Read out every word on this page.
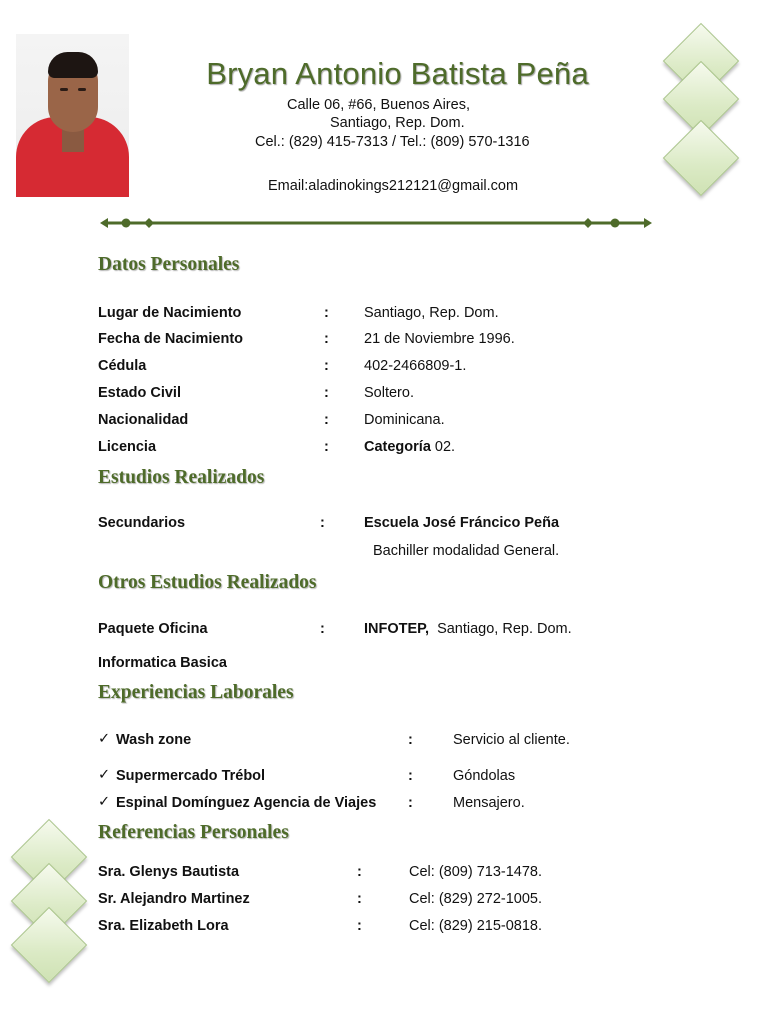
Bryan Antonio Batista Peña
Calle 06, #66, Buenos Aires,
Santiago, Rep. Dom.
Cel.: (829) 415-7313 / Tel.: (809) 570-1316
Email:aladinokings212121@gmail.com
Datos Personales
Lugar de Nacimiento	: Santiago, Rep. Dom.
Fecha de Nacimiento	: 21 de Noviembre 1996.
Cédula	: 402-2466809-1.
Estado Civil	: Soltero.
Nacionalidad	: Dominicana.
Licencia	: Categoría 02.
Estudios Realizados
Secundarios	:	Escuela José Fráncico Peña
Bachiller modalidad General.
Otros Estudios Realizados
Paquete Oficina	:	INFOTEP, Santiago, Rep. Dom.
Informatica Basica
Experiencias Laborales
✓ Wash zone	:	Servicio al cliente.
✓ Supermercado Trébol	:	Góndolas
✓ Espinal Domínguez Agencia de Viajes :	Mensajero.
Referencias Personales
Sra. Glenys Bautista	:	Cel: (809) 713-1478.
Sr. Alejandro Martinez	:	Cel: (829) 272-1005.
Sra. Elizabeth Lora	:	Cel: (829) 215-0818.
